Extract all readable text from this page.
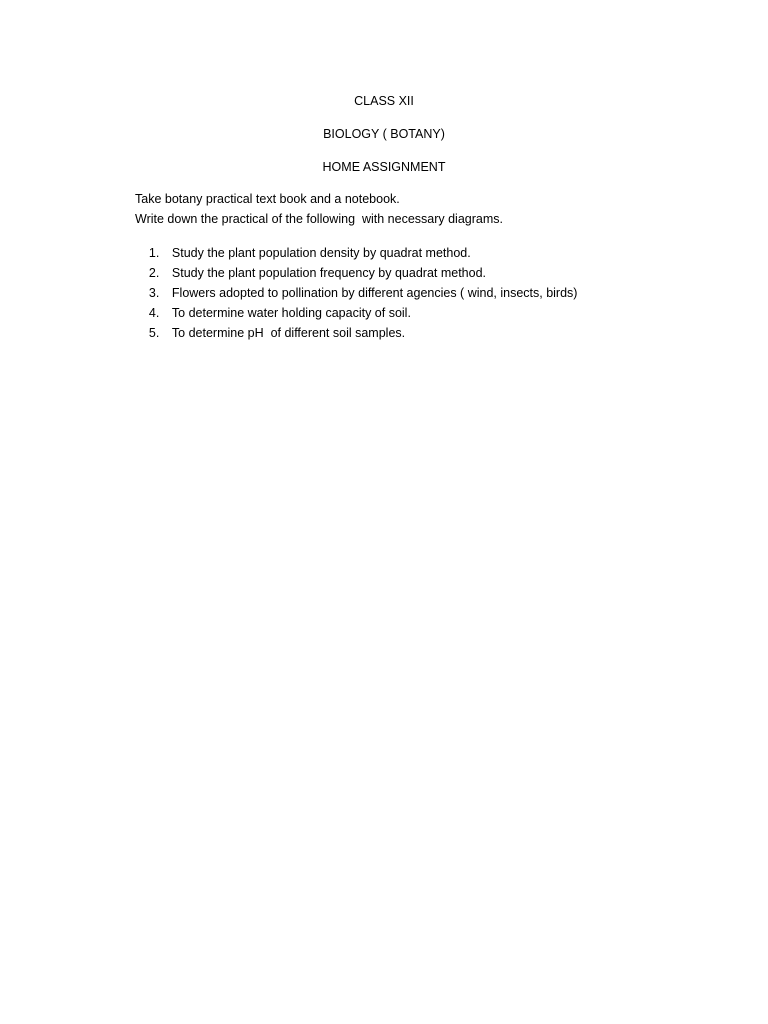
CLASS XII
BIOLOGY ( BOTANY)
HOME ASSIGNMENT
Take botany practical text book and a notebook.
Write down the practical of the following  with necessary diagrams.

1. Study the plant population density by quadrat method.

2. Study the plant population frequency by quadrat method.

3. Flowers adopted to pollination by different agencies ( wind, insects, birds)

4. To determine water holding capacity of soil.

5. To determine pH  of different soil samples.
